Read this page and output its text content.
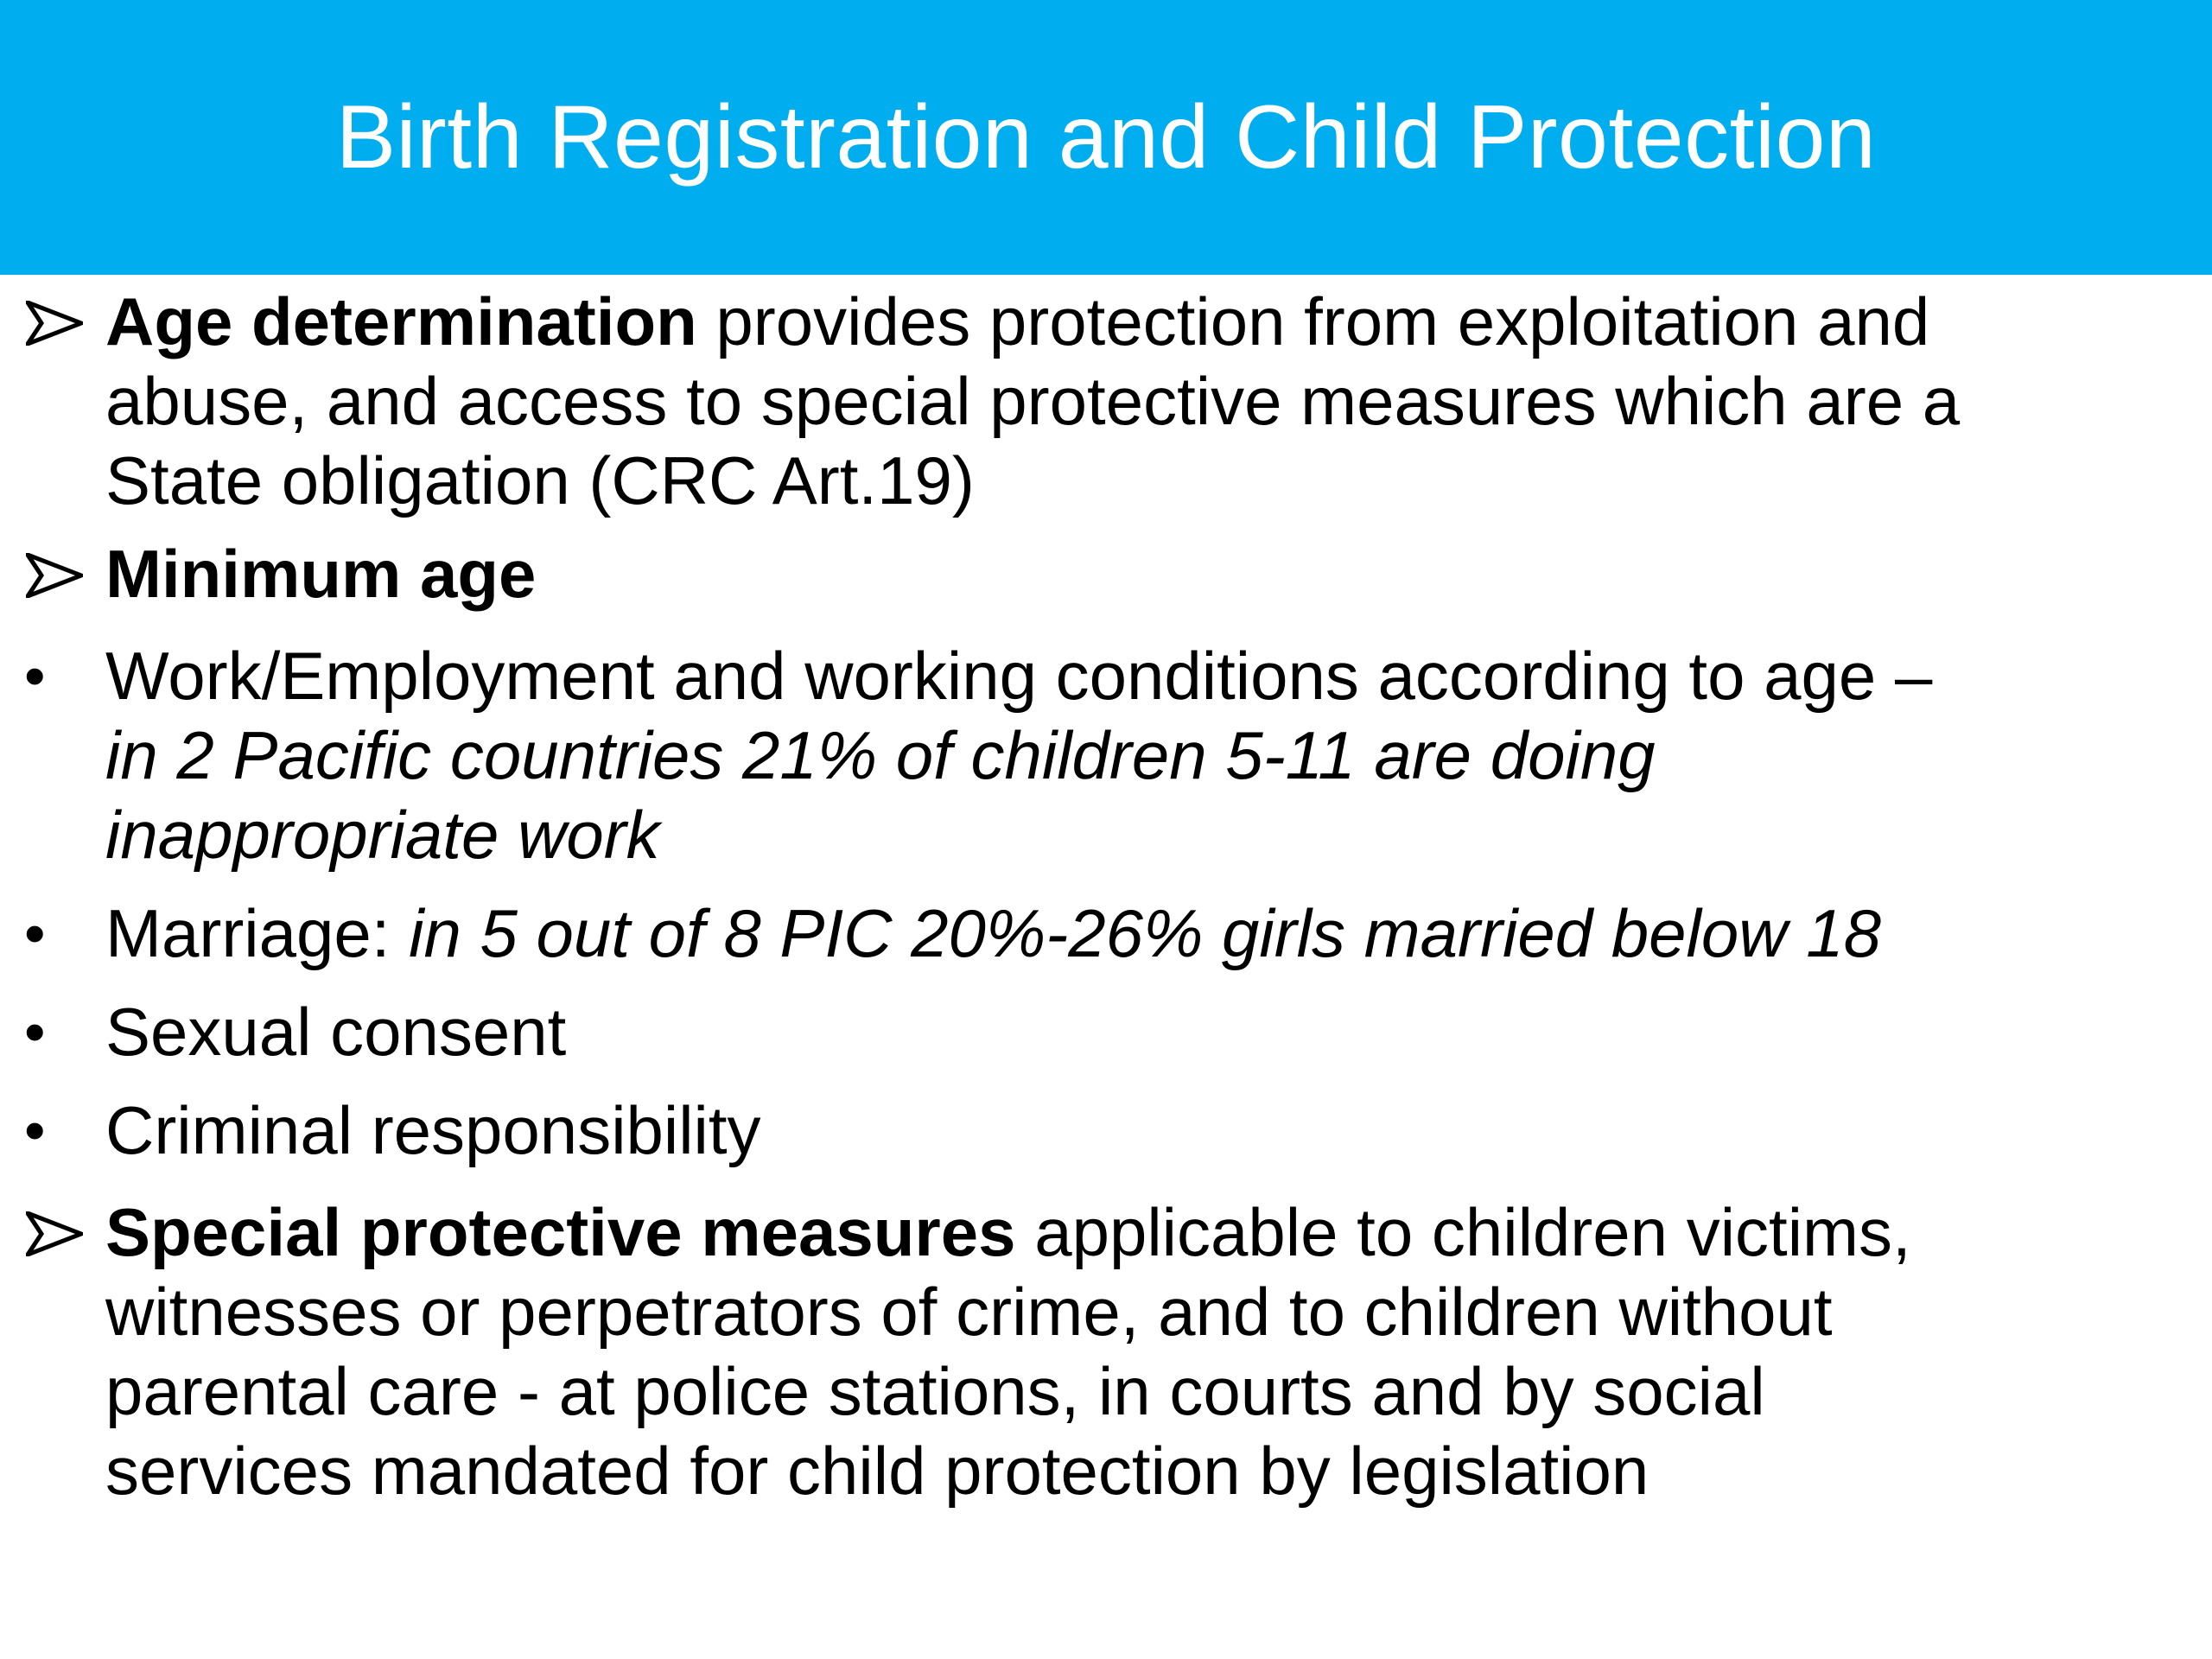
Birth Registration and Child Protection
Age determination provides protection from exploitation and
abuse, and access to special protective measures which are a
State obligation (CRC Art.19)
Minimum age
• Work/Employment and working conditions according to age –
in 2 Pacific countries 21% of children 5-11 are doing
inappropriate work
• Marriage: in 5 out of 8 PIC 20%-26% girls married below 18
• Sexual consent
• Criminal responsibility
Special protective measures applicable to children victims,
witnesses or perpetrators of crime, and to children without
parental care - at police stations, in courts and by social
services mandated for child protection by legislation
